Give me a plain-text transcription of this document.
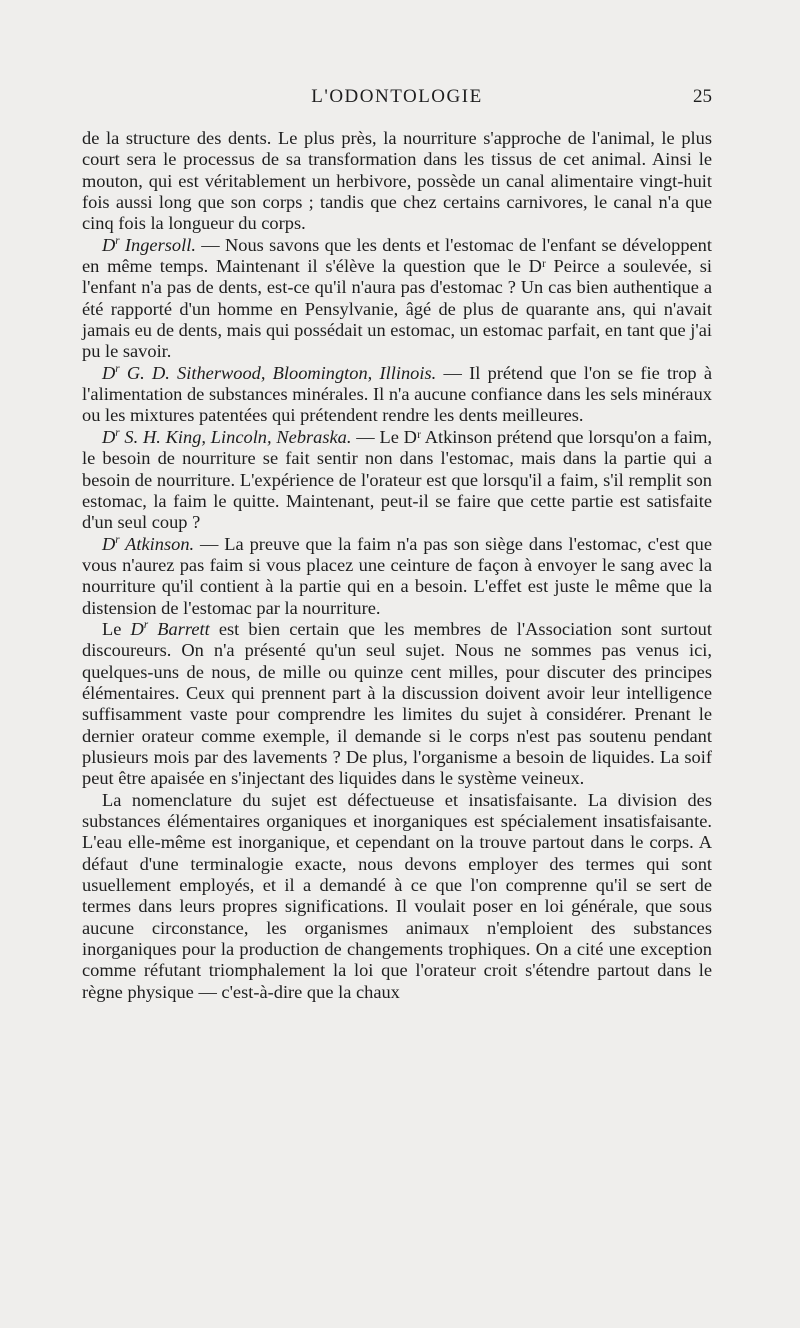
L'ODONTOLOGIE	25

de la structure des dents. Le plus près, la nourriture s'approche de l'animal, le plus court sera le processus de sa transformation dans les tissus de cet animal. Ainsi le mouton, qui est véritablement un herbivore, possède un canal alimentaire vingt-huit fois aussi long que son corps ; tandis que chez certains carnivores, le canal n'a que cinq fois la longueur du corps.

$D^r$ Ingersoll. — Nous savons que les dents et l'estomac de l'enfant se développent en même temps. Maintenant il s'élève la question que le Dʳ Peirce a soulevée, si l'enfant n'a pas de dents, est-ce qu'il n'aura pas d'estomac ? Un cas bien authentique a été rapporté d'un homme en Pensylvanie, âgé de plus de quarante ans, qui n'avait jamais eu de dents, mais qui possédait un estomac, un estomac parfait, en tant que j'ai pu le savoir.

$D^r$ G. D. Sitherwood, Bloomington, Illinois. — Il prétend que l'on se fie trop à l'alimentation de substances minérales. Il n'a aucune confiance dans les sels minéraux ou les mixtures patentées qui prétendent rendre les dents meilleures.

$D^r$ S. H. King, Lincoln, Nebraska. — Le Dʳ Atkinson prétend que lorsqu'on a faim, le besoin de nourriture se fait sentir non dans l'estomac, mais dans la partie qui a besoin de nourriture. L'expérience de l'orateur est que lorsqu'il a faim, s'il remplit son estomac, la faim le quitte. Maintenant, peut-il se faire que cette partie est satisfaite d'un seul coup ?

$D^r$ Atkinson. — La preuve que la faim n'a pas son siège dans l'estomac, c'est que vous n'aurez pas faim si vous placez une ceinture de façon à envoyer le sang avec la nourriture qu'il contient à la partie qui en a besoin. L'effet est juste le même que la distension de l'estomac par la nourriture.

Le $D^r$ Barrett est bien certain que les membres de l'Association sont surtout discoureurs. On n'a présenté qu'un seul sujet. Nous ne sommes pas venus ici, quelques-uns de nous, de mille ou quinze cent milles, pour discuter des principes élémentaires. Ceux qui prennent part à la discussion doivent avoir leur intelligence suffisamment vaste pour comprendre les limites du sujet à considérer. Prenant le dernier orateur comme exemple, il demande si le corps n'est pas soutenu pendant plusieurs mois par des lavements ? De plus, l'organisme a besoin de liquides. La soif peut être apaisée en s'injectant des liquides dans le système veineux.

La nomenclature du sujet est défectueuse et insatisfaisante. La division des substances élémentaires organiques et inorganiques est spécialement insatisfaisante. L'eau elle-même est inorganique, et cependant on la trouve partout dans le corps. A défaut d'une terminalogie exacte, nous devons employer des termes qui sont usuellement employés, et il a demandé à ce que l'on comprenne qu'il se sert de termes dans leurs propres significations. Il voulait poser en loi générale, que sous aucune circonstance, les organismes animaux n'emploient des substances inorganiques pour la production de changements trophiques. On a cité une exception comme réfutant triomphalement la loi que l'orateur croit s'étendre partout dans le règne physique — c'est-à-dire que la chaux
